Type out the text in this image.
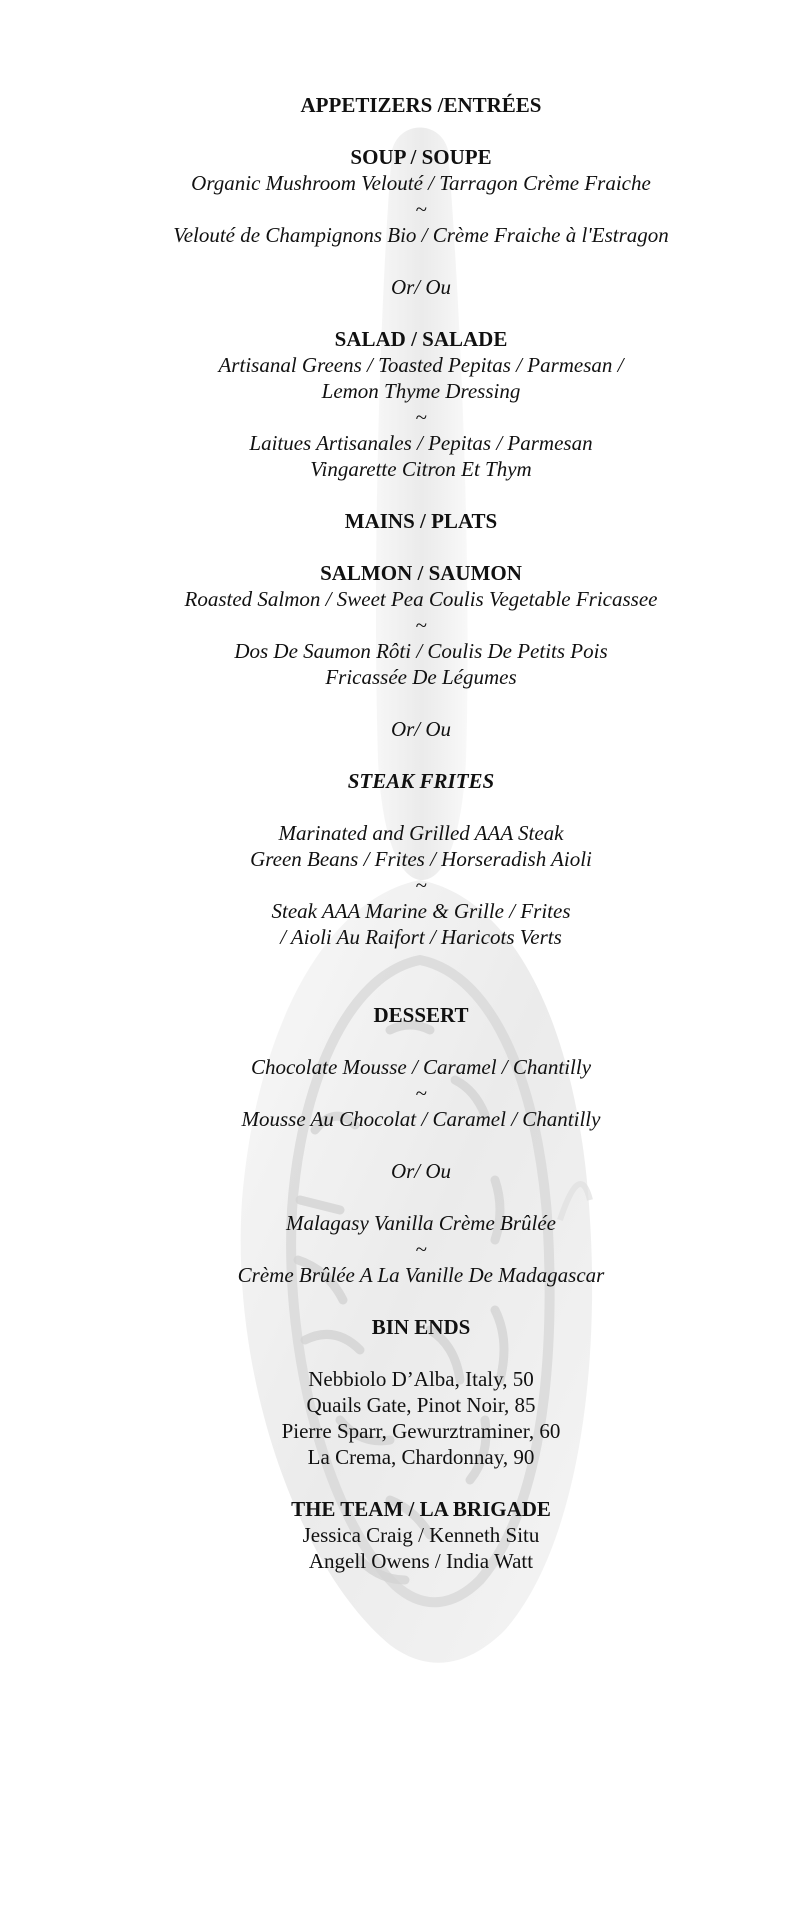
APPETIZERS /ENTRÉES
SOUP / SOUPE
Organic Mushroom Velouté / Tarragon Crème Fraiche
~
Velouté de Champignons Bio / Crème Fraiche à l'Estragon
Or/ Ou
SALAD / SALADE
Artisanal Greens / Toasted Pepitas / Parmesan /
Lemon Thyme Dressing
~
Laitues Artisanales / Pepitas / Parmesan
Vingarette Citron Et Thym
MAINS / PLATS
SALMON / SAUMON
Roasted Salmon / Sweet Pea Coulis Vegetable Fricassee
~
Dos De Saumon Rôti / Coulis De Petits Pois
Fricassée De Légumes
Or/ Ou
STEAK FRITES
Marinated and Grilled AAA Steak
Green Beans / Frites / Horseradish Aioli
~
Steak AAA Marine & Grille / Frites
/ Aioli Au Raifort / Haricots Verts
DESSERT
Chocolate Mousse / Caramel / Chantilly
~
Mousse Au Chocolat / Caramel / Chantilly
Or/ Ou
Malagasy Vanilla Crème Brûlée
~
Crème Brûlée A La Vanille De Madagascar
BIN ENDS
Nebbiolo D’Alba, Italy, 50
Quails Gate, Pinot Noir, 85
Pierre Sparr, Gewurztraminer, 60
La Crema, Chardonnay, 90
THE TEAM / LA BRIGADE
Jessica Craig / Kenneth Situ
Angell Owens / India Watt
